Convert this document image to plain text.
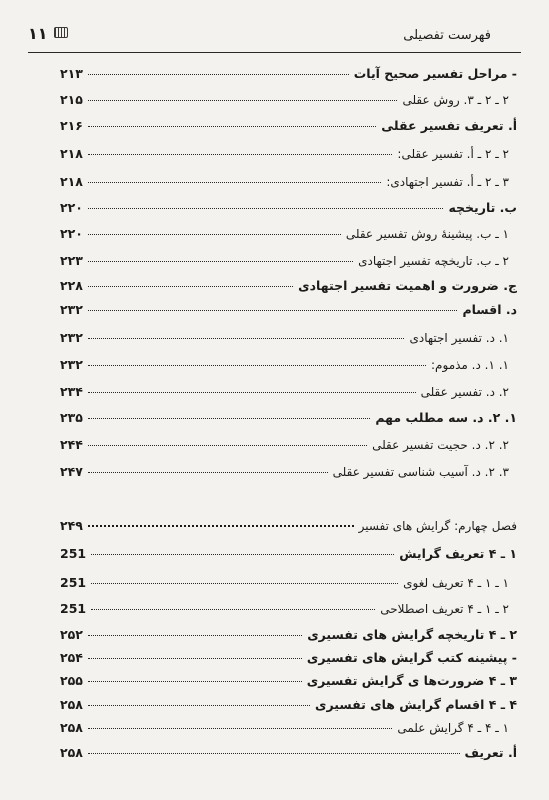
فهرست تفصیلی
۱۱
- مراحل تفسیر صحیح آیات
۲۱۳
۲ ـ ۲ ـ ۳. روش عقلی
۲۱۵
أ. تعریف تفسیر عقلی
۲۱۶
۲ ـ ۲ ـ أ. تفسیر عقلی:
۲۱۸
۳ ـ ۲ ـ أ. تفسیر اجتهادی:
۲۱۸
ب. تاریخچه
۲۲۰
۱ ـ ب. پیشینهٔ روش تفسیر عقلی
۲۲۰
۲ ـ ب. تاریخچه تفسیر اجتهادی
۲۲۳
ج. ضرورت و اهمیت تفسیر اجتهادی
۲۲۸
د. اقسام
۲۳۲
۱. د. تفسیر اجتهادی
۲۳۲
۱. ۱. د. مذموم:
۲۳۲
۲. د. تفسیر عقلی
۲۳۴
۱. ۲. د. سه مطلب مهم
۲۳۵
۲. ۲. د. حجیت تفسیر عقلی
۲۴۴
۳. ۲. د. آسیب شناسی تفسیر عقلی
۲۴۷
فصل چهارم: گرایش های تفسیر
۲۴۹
۱ ـ ۴ تعریف گرایش
251
۱ ـ ۱ ـ ۴ تعریف لغوی
251
۲ ـ ۱ ـ ۴ تعریف اصطلاحی
251
۲ ـ ۴ تاریخچه گرایش های تفسیری
۲۵۲
- پیشینه کتب گرایش های تفسیری
۲۵۴
۳ ـ ۴ ضرورت‌ها ی گرایش تفسیری
۲۵۵
۴ ـ ۴ اقسام گرایش های تفسیری
۲۵۸
۱ ـ ۴ ـ ۴ گرایش علمی
۲۵۸
أ. تعریف
۲۵۸
